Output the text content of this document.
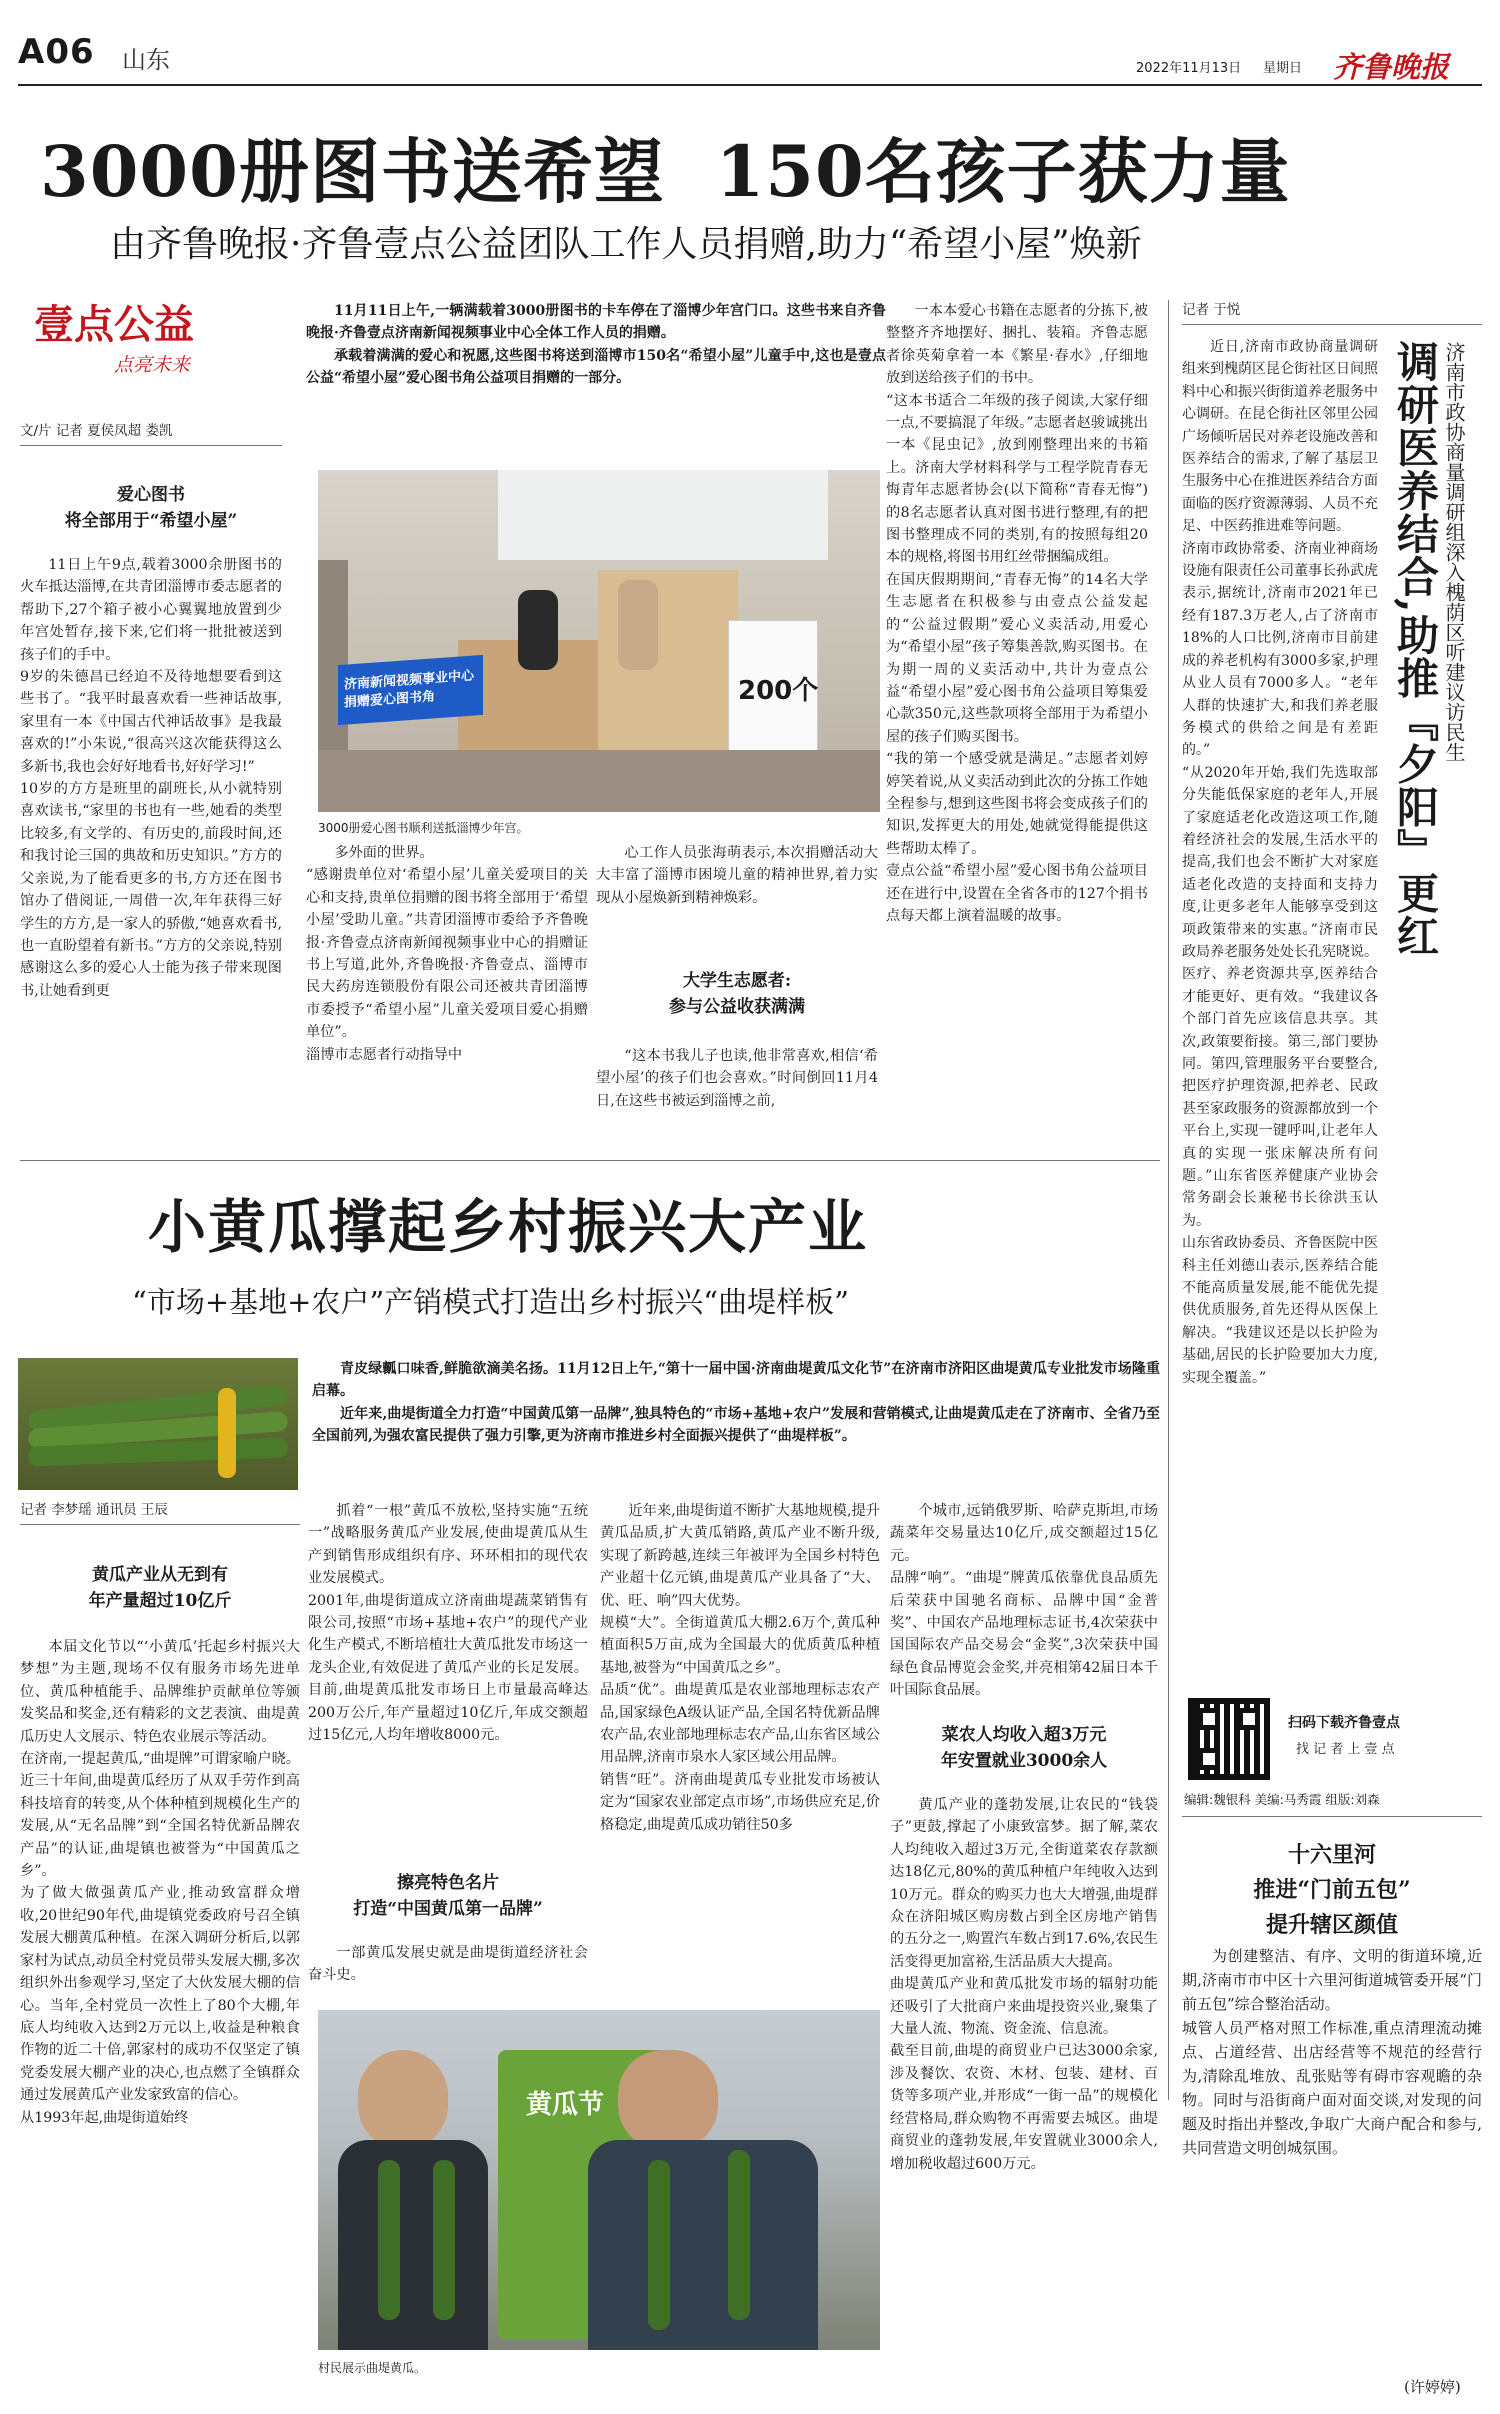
A06 山东	2022年11月13日 星期日 齐鲁晚报
3000册图书送希望  150名孩子获力量
由齐鲁晚报·齐鲁壹点公益团队工作人员捐赠,助力“希望小屋”焕新
壹点公益
点亮未来
文/片 记者 夏侯凤超 娄凯
爱心图书
将全部用于“希望小屋”

11日上午9点,载着3000余册图书的火车抵达淄博,在共青团淄博市委志愿者的帮助下,27个箱子被小心翼翼地放置到少年宫处暂存,接下来,它们将一批批被送到孩子们的手中。
9岁的朱德昌已经迫不及待地想要看到这些书了。“我平时最喜欢看一些神话故事,家里有一本《中国古代神话故事》是我最喜欢的!”小朱说,“很高兴这次能获得这么多新书,我也会好好地看书,好好学习!”
10岁的方方是班里的副班长,从小就特别喜欢读书,“家里的书也有一些,她看的类型比较多,有文学的、有历史的,前段时间,还和我讨论三国的典故和历史知识。”方方的父亲说,为了能看更多的书,方方还在图书馆办了借阅证,一周借一次,年年获得三好学生的方方,是一家人的骄傲,“她喜欢看书,也一直盼望着有新书。”方方的父亲说,特别感谢这么多的爱心人士能为孩子带来现图书,让她看到更

11月11日上午,一辆满载着3000册图书的卡车停在了淄博少年宫门口。这些书来自齐鲁晚报·齐鲁壹点济南新闻视频事业中心全体工作人员的捐赠。

承载着满满的爱心和祝愿,这些图书将送到淄博市150名“希望小屋”儿童手中,这也是壹点公益“希望小屋”爱心图书角公益项目捐赠的一部分。

200个
济南新闻视频事业中心
捐赠爱心图书角
3000册爱心图书顺利送抵淄博少年宫。

多外面的世界。
“感谢贵单位对‘希望小屋’儿童关爱项目的关心和支持,贵单位捐赠的图书将全部用于‘希望小屋’受助儿童。”共青团淄博市委给予齐鲁晚报·齐鲁壹点济南新闻视频事业中心的捐赠证书上写道,此外,齐鲁晚报·齐鲁壹点、淄博市民大药房连锁股份有限公司还被共青团淄博市委授予“希望小屋”儿童关爱项目爱心捐赠单位”。
淄博市志愿者行动指导中

心工作人员张海萌表示,本次捐赠活动大大丰富了淄博市困境儿童的精神世界,着力实现从小屋焕新到精神焕彩。

大学生志愿者:
参与公益收获满满

“这本书我儿子也读,他非常喜欢,相信‘希望小屋’的孩子们也会喜欢。”时间倒回11月4日,在这些书被运到淄博之前,

一本本爱心书籍在志愿者的分拣下,被整整齐齐地摆好、捆扎、装箱。齐鲁志愿者徐英菊拿着一本《繁星·春水》,仔细地放到送给孩子们的书中。
“这本书适合二年级的孩子阅读,大家仔细一点,不要搞混了年级。”志愿者赵骏诚挑出一本《昆虫记》,放到刚整理出来的书箱上。济南大学材料科学与工程学院青春无悔青年志愿者协会(以下简称“青春无悔”)的8名志愿者认真对图书进行整理,有的把图书整理成不同的类别,有的按照每组20本的规格,将图书用红丝带捆编成组。
在国庆假期期间,“青春无悔”的14名大学生志愿者在积极参与由壹点公益发起的“公益过假期”爱心义卖活动,用爱心为“希望小屋”孩子筹集善款,购买图书。在为期一周的义卖活动中,共计为壹点公益“希望小屋”爱心图书角公益项目筹集爱心款350元,这些款项将全部用于为希望小屋的孩子们购买图书。
“我的第一个感受就是满足。”志愿者刘婷婷笑着说,从义卖活动到此次的分拣工作她全程参与,想到这些图书将会变成孩子们的知识,发挥更大的用处,她就觉得能提供这些帮助太棒了。
壹点公益“希望小屋”爱心图书角公益项目还在进行中,设置在全省各市的127个捐书点每天都上演着温暖的故事。

记者 于悦
调研医养结合,助推『夕阳』更红 济南市政协商量调研组深入槐荫区听建议访民生

近日,济南市政协商量调研组来到槐荫区昆仑街社区日间照料中心和振兴街街道养老服务中心调研。在昆仑街社区邻里公园广场倾听居民对养老设施改善和医养结合的需求,了解了基层卫生服务中心在推进医养结合方面面临的医疗资源薄弱、人员不充足、中医药推进难等问题。
济南市政协常委、济南业神商场设施有限责任公司董事长孙武虎表示,据统计,济南市2021年已经有187.3万老人,占了济南市18%的人口比例,济南市目前建成的养老机构有3000多家,护理从业人员有7000多人。“老年人群的快速扩大,和我们养老服务模式的供给之间是有差距的。”
“从2020年开始,我们先选取部分失能低保家庭的老年人,开展了家庭适老化改造这项工作,随着经济社会的发展,生活水平的提高,我们也会不断扩大对家庭适老化改造的支持面和支持力度,让更多老年人能够享受到这项政策带来的实惠。”济南市民政局养老服务处处长孔宪晓说。
医疗、养老资源共享,医养结合才能更好、更有效。“我建议各个部门首先应该信息共享。其次,政策要衔接。第三,部门要协同。第四,管理服务平台要整合,把医疗护理资源,把养老、民政甚至家政服务的资源都放到一个平台上,实现一键呼叫,让老年人真的实现一张床解决所有问题。”山东省医养健康产业协会常务副会长兼秘书长徐洪玉认为。
山东省政协委员、齐鲁医院中医科主任刘德山表示,医养结合能不能高质量发展,能不能优先提供优质服务,首先还得从医保上解决。“我建议还是以长护险为基础,居民的长护险要加大力度,实现全覆盖。”

扫码下载齐鲁壹点
找 记 者 上 壹 点
编辑:魏银科 美编:马秀霞 组版:刘森
十六里河
推进“门前五包”
提升辖区颜值

为创建整洁、有序、文明的街道环境,近期,济南市市中区十六里河街道城管委开展“门前五包”综合整治活动。
城管人员严格对照工作标准,重点清理流动摊点、占道经营、出店经营等不规范的经营行为,清除乱堆放、乱张贴等有碍市容观瞻的杂物。同时与沿街商户面对面交谈,对发现的问题及时指出并整改,争取广大商户配合和参与,共同营造文明创城氛围。

(许婷婷)
小黄瓜撑起乡村振兴大产业
“市场+基地+农户”产销模式打造出乡村振兴“曲堤样板”

青皮绿瓤口味香,鲜脆欲滴美名扬。11月12日上午,“第十一届中国·济南曲堤黄瓜文化节”在济南市济阳区曲堤黄瓜专业批发市场隆重启幕。

近年来,曲堤街道全力打造“中国黄瓜第一品牌”,独具特色的“市场+基地+农户”发展和营销模式,让曲堤黄瓜走在了济南市、全省乃至全国前列,为强农富民提供了强力引擎,更为济南市推进乡村全面振兴提供了“曲堤样板”。

记者 李梦瑶 通讯员 王辰
黄瓜产业从无到有
年产量超过10亿斤

本届文化节以“‘小黄瓜’托起乡村振兴大梦想”为主题,现场不仅有服务市场先进单位、黄瓜种植能手、品牌维护贡献单位等颁发奖品和奖金,还有精彩的文艺表演、曲堤黄瓜历史人文展示、特色农业展示等活动。
在济南,一提起黄瓜,“曲堤牌”可谓家喻户晓。近三十年间,曲堤黄瓜经历了从双手劳作到高科技培育的转变,从个体种植到规模化生产的发展,从“无名品牌”到“全国名特优新品牌农产品”的认证,曲堤镇也被誉为“中国黄瓜之乡”。
为了做大做强黄瓜产业,推动致富群众增收,20世纪90年代,曲堤镇党委政府号召全镇发展大棚黄瓜种植。在深入调研分析后,以郭家村为试点,动员全村党员带头发展大棚,多次组织外出参观学习,坚定了大伙发展大棚的信心。当年,全村党员一次性上了80个大棚,年底人均纯收入达到2万元以上,收益是种粮食作物的近二十倍,郭家村的成功不仅坚定了镇党委发展大棚产业的决心,也点燃了全镇群众通过发展黄瓜产业发家致富的信心。
从1993年起,曲堤街道始终

抓着“一根”黄瓜不放松,坚持实施“五统一”战略服务黄瓜产业发展,使曲堤黄瓜从生产到销售形成组织有序、环环相扣的现代农业发展模式。
2001年,曲堤街道成立济南曲堤蔬菜销售有限公司,按照“市场+基地+农户”的现代产业化生产模式,不断培植壮大黄瓜批发市场这一龙头企业,有效促进了黄瓜产业的长足发展。目前,曲堤黄瓜批发市场日上市量最高峰达200万公斤,年产量超过10亿斤,年成交额超过15亿元,人均年增收8000元。

擦亮特色名片
打造“中国黄瓜第一品牌”

一部黄瓜发展史就是曲堤街道经济社会奋斗史。

近年来,曲堤街道不断扩大基地规模,提升黄瓜品质,扩大黄瓜销路,黄瓜产业不断升级,实现了新跨越,连续三年被评为全国乡村特色产业超十亿元镇,曲堤黄瓜产业具备了“大、优、旺、响”四大优势。
规模“大”。全街道黄瓜大棚2.6万个,黄瓜种植面积5万亩,成为全国最大的优质黄瓜种植基地,被誉为“中国黄瓜之乡”。
品质“优”。曲堤黄瓜是农业部地理标志农产品,国家绿色A级认证产品,全国名特优新品牌农产品,农业部地理标志农产品,山东省区域公用品牌,济南市泉水人家区域公用品牌。
销售“旺”。济南曲堤黄瓜专业批发市场被认定为“国家农业部定点市场”,市场供应充足,价格稳定,曲堤黄瓜成功销往50多

个城市,远销俄罗斯、哈萨克斯坦,市场蔬菜年交易量达10亿斤,成交额超过15亿元。
品牌“响”。“曲堤”牌黄瓜依靠优良品质先后荣获中国驰名商标、品牌中国“金普奖”、中国农产品地理标志证书,4次荣获中国国际农产品交易会“金奖”,3次荣获中国绿色食品博览会金奖,并亮相第42届日本千叶国际食品展。

菜农人均收入超3万元
年安置就业3000余人

黄瓜产业的蓬勃发展,让农民的“钱袋子”更鼓,撑起了小康致富梦。据了解,菜农人均纯收入超过3万元,全街道菜农存款额达18亿元,80%的黄瓜种植户年纯收入达到10万元。群众的购买力也大大增强,曲堤群众在济阳城区购房数占到全区房地产销售的五分之一,购置汽车数占到17.6%,农民生活变得更加富裕,生活品质大大提高。
曲堤黄瓜产业和黄瓜批发市场的辐射功能还吸引了大批商户来曲堤投资兴业,聚集了大量人流、物流、资金流、信息流。
截至目前,曲堤的商贸业户已达3000余家,涉及餐饮、农资、木材、包装、建材、百货等多项产业,并形成“一街一品”的规模化经营格局,群众购物不再需要去城区。曲堤商贸业的蓬勃发展,年安置就业3000余人,增加税收超过600万元。

黄瓜节
村民展示曲堤黄瓜。
